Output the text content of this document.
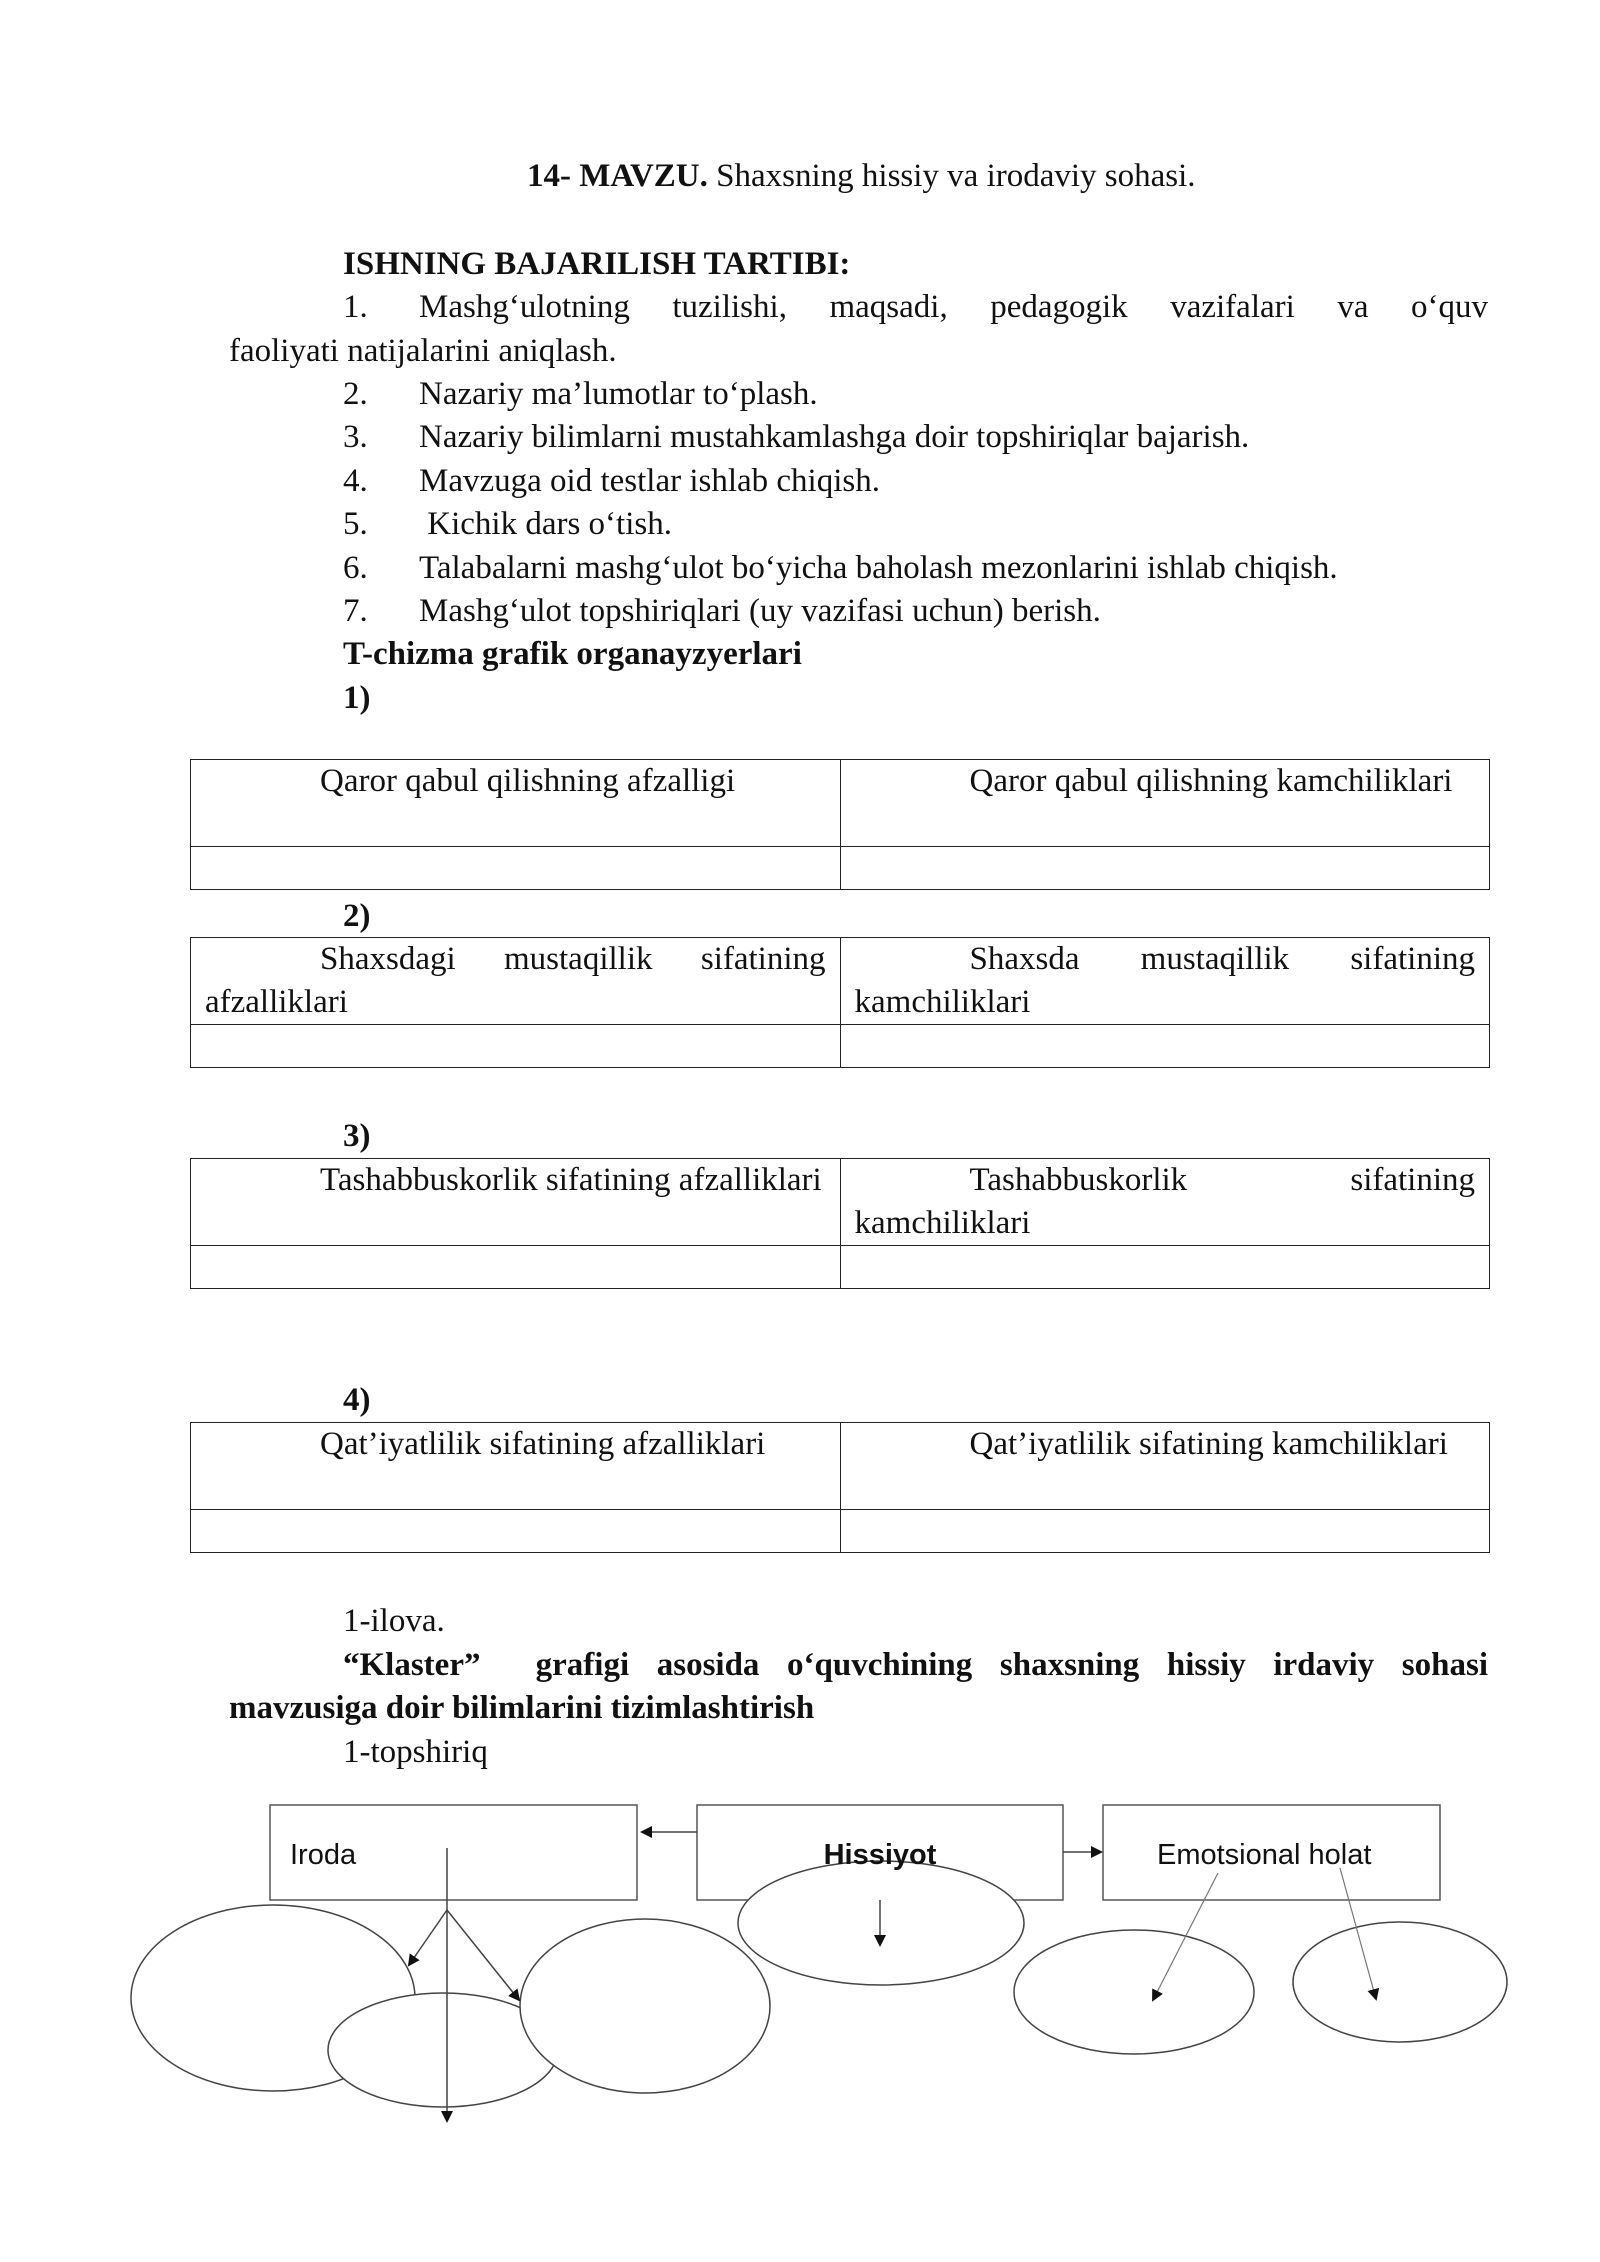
14- MAVZU. Shaxsning hissiy va irodaviy sohasi.
ISHNING BAJARILISH TARTIBI:
1. Mashg‘ulotning tuzilishi, maqsadi, pedagogik vazifalari va o‘quv
faoliyati natijalarini aniqlash.
2. Nazariy ma’lumotlar to‘plash.
3. Nazariy bilimlarni mustahkamlashga doir topshiriqlar bajarish.
4. Mavzuga oid testlar ishlab chiqish.
5. Kichik dars o‘tish.
6. Talabalarni mashg‘ulot bo‘yicha baholash mezonlarini ishlab chiqish.
7. Mashg‘ulot topshiriqlari (uy vazifasi uchun) berish.
T-chizma grafik organayzyerlari
1)
Qaror qabul qilishning afzalligi	Qaror qabul qilishning kamchiliklari

2)
Shaxsdagi mustaqillik sifatining afzalliklari	Shaxsda mustaqillik sifatining kamchiliklari

3)
Tashabbuskorlik sifatining afzalliklari	Tashabbuskorlik sifatining kamchiliklari

4)
Qat’iyatlilik sifatining afzalliklari	Qat’iyatlilik sifatining kamchiliklari

1-ilova.
“Klaster”  grafigi asosida o‘quvchining shaxsning hissiy irdaviy sohasi
mavzusiga doir bilimlarini tizimlashtirish
1-topshiriq
Iroda	Hissiyot	Emotsional holat
